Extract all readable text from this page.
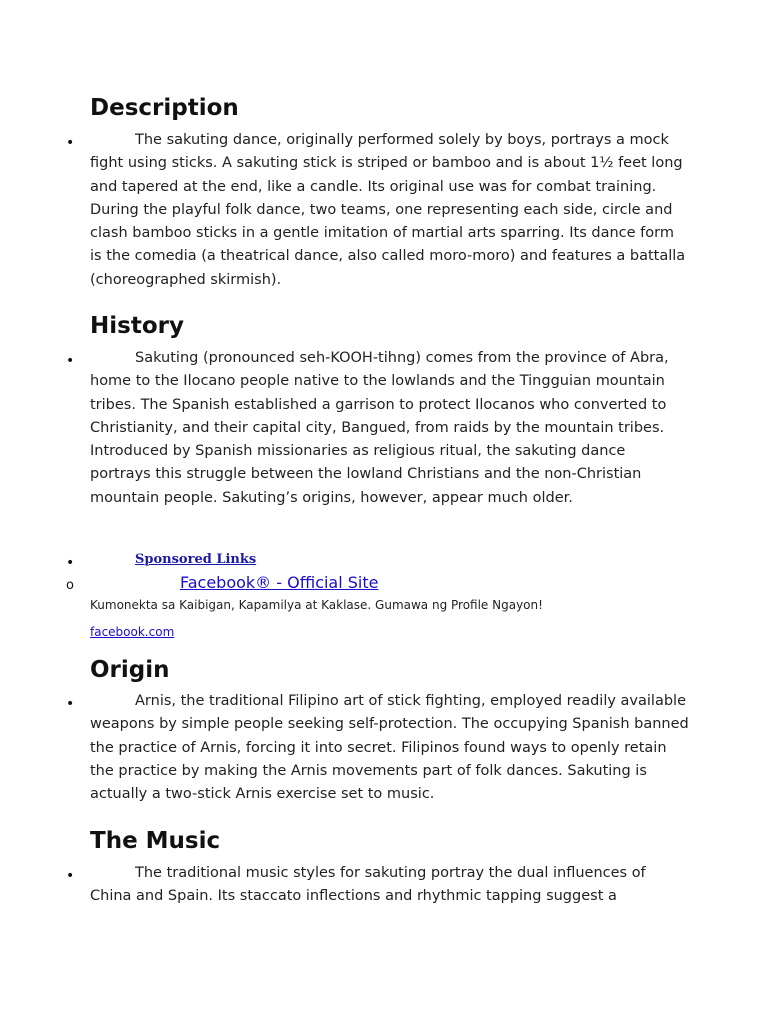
Description
•	The sakuting dance, originally performed solely by boys, portrays a mock fight using sticks. A sakuting stick is striped or bamboo and is about 1½ feet long and tapered at the end, like a candle. Its original use was for combat training. During the playful folk dance, two teams, one representing each side, circle and clash bamboo sticks in a gentle imitation of martial arts sparring. Its dance form is the comedia (a theatrical dance, also called moro-moro) and features a battalla (choreographed skirmish).

History
•	Sakuting (pronounced seh-KOOH-tihng) comes from the province of Abra, home to the Ilocano people native to the lowlands and the Tingguian mountain tribes. The Spanish established a garrison to protect Ilocanos who converted to Christianity, and their capital city, Bangued, from raids by the mountain tribes. Introduced by Spanish missionaries as religious ritual, the sakuting dance portrays this struggle between the lowland Christians and the non-Christian mountain people. Sakuting’s origins, however, appear much older.

•	Sponsored Links
o	Facebook® - Official Site
Kumonekta sa Kaibigan, Kapamilya at Kaklase. Gumawa ng Profile Ngayon!
facebook.com
Origin
•	Arnis, the traditional Filipino art of stick fighting, employed readily available weapons by simple people seeking self-protection. The occupying Spanish banned the practice of Arnis, forcing it into secret. Filipinos found ways to openly retain the practice by making the Arnis movements part of folk dances. Sakuting is actually a two-stick Arnis exercise set to music.

The Music
•	The traditional music styles for sakuting portray the dual influences of China and Spain. Its staccato inflections and rhythmic tapping suggest a
